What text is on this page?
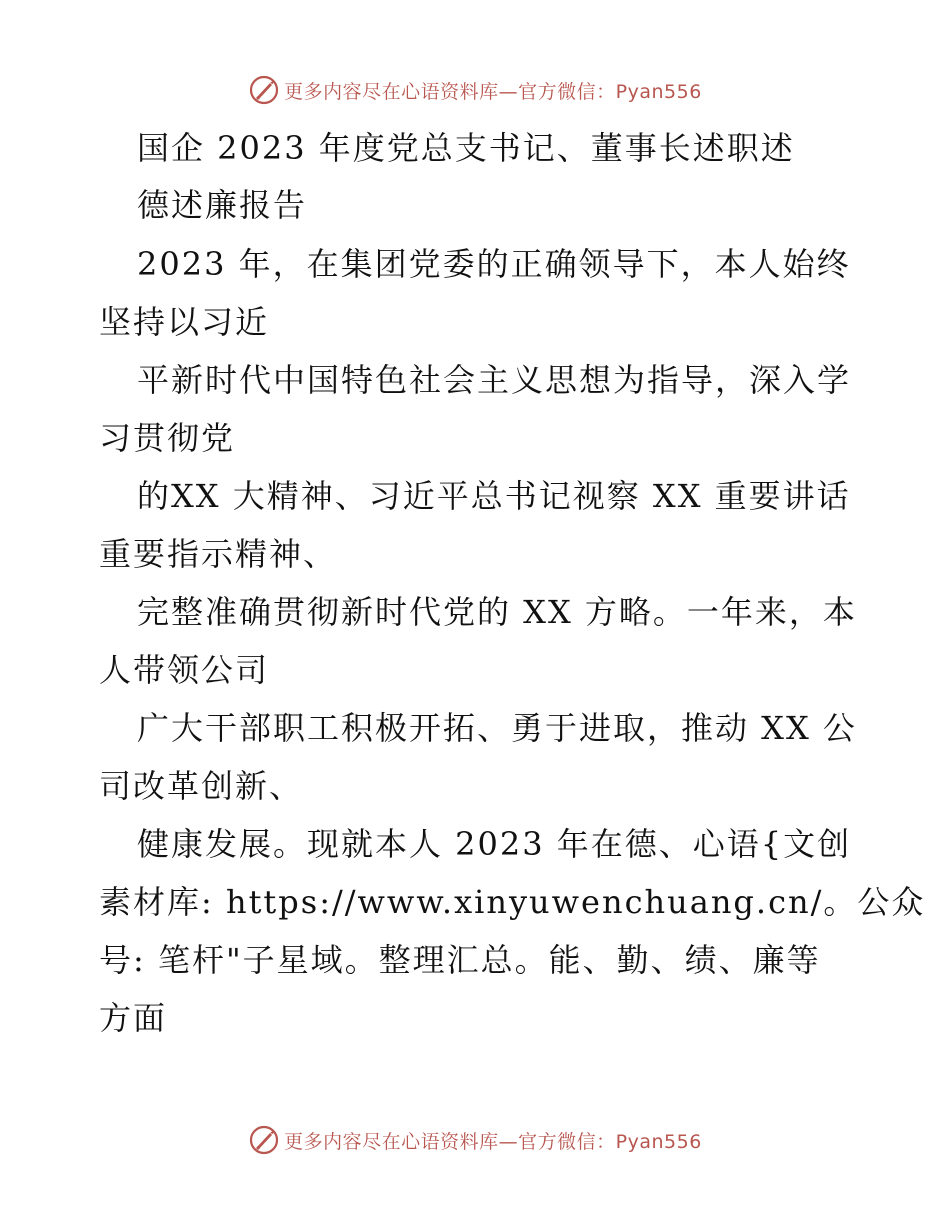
更多内容尽在心语资料库—官方微信：Pyan556
国企 2023 年度党总支书记、董事长述职述
德述廉报告
2023 年，在集团党委的正确领导下，本人始终
坚持以习近
平新时代中国特色社会主义思想为指导，深入学
习贯彻党
的XX 大精神、习近平总书记视察 XX 重要讲话
重要指示精神、
完整准确贯彻新时代党的 XX 方略。一年来，本
人带领公司
广大干部职工积极开拓、勇于进取，推动 XX 公
司改革创新、
健康发展。现就本人 2023 年在德、心语{文创
素材库: https://www.xinyuwenchuang.cn/。公众
号: 笔杆"子星域。整理汇总。能、勤、绩、廉等
方面
更多内容尽在心语资料库—官方微信：Pyan556
